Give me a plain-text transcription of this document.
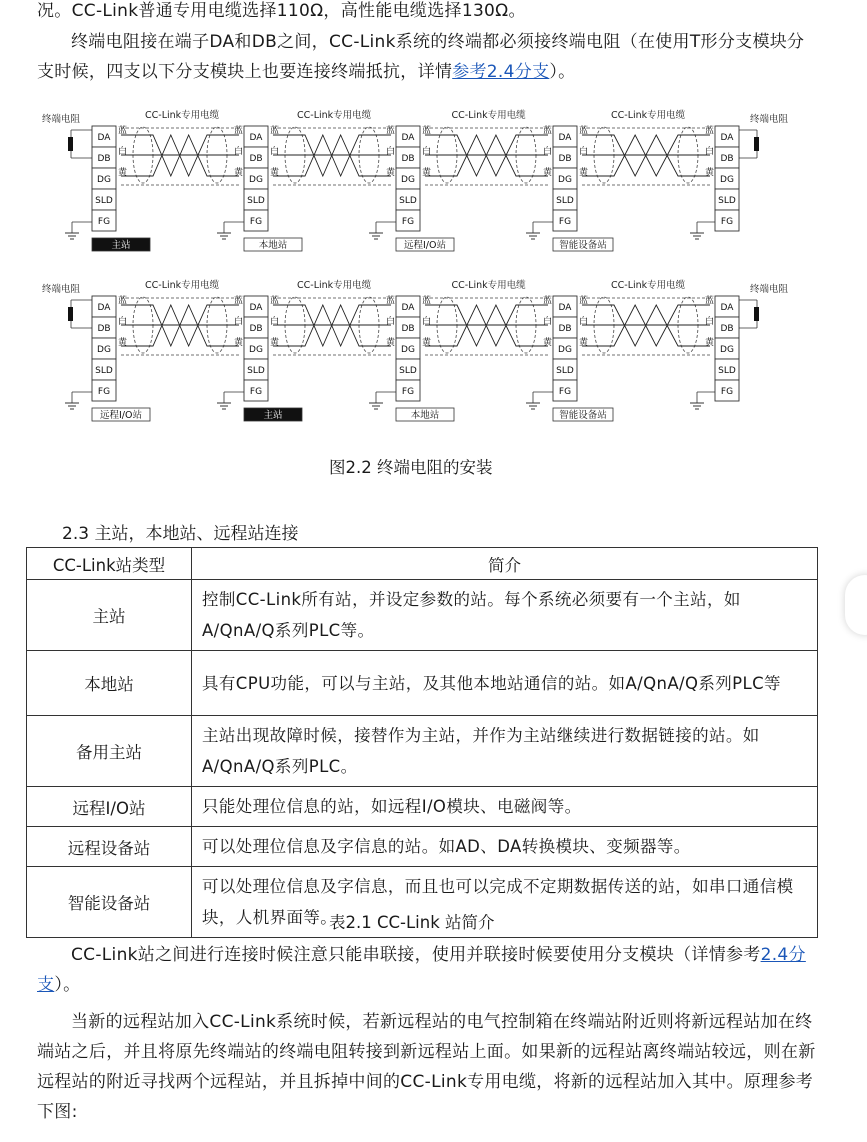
况。CC-Link普通专用电缆选择110Ω，高性能电缆选择130Ω。
终端电阻接在端子DA和DB之间，CC-Link系统的终端都必须接终端电阻（在使用T形分支模块分支时候，四支以下分支模块上也要连接终端抵抗，详情参考2.4分支）。
终端电阻	终端电阻
CC-Link专用电缆	CC-Link专用电缆	CC-Link专用电缆	CC-Link专用电缆
DA
DB
DG
SLD
FG
蓝
白
黄
主站
DA
DB
DG
SLD
FG
蓝	蓝
白	白
黄	黄
本地站
DA
DB
DG
SLD
FG
蓝	蓝
白	白
黄	黄
远程I/O站
DA
DB
DG
SLD
FG
蓝	蓝
白	白
黄	黄
智能设备站
DA
DB
DG
SLD
FG
蓝
白
黄
终端电阻	终端电阻
CC-Link专用电缆	CC-Link专用电缆	CC-Link专用电缆	CC-Link专用电缆
DA
DB
DG
SLD
FG
蓝
白
黄
远程I/O站
DA
DB
DG
SLD
FG
蓝	蓝
白	白
黄	黄
主站
DA
DB
DG
SLD
FG
蓝	蓝
白	白
黄	黄
本地站
DA
DB
DG
SLD
FG
蓝	蓝
白	白
黄	黄
智能设备站
DA
DB
DG
SLD
FG
蓝
白
黄
图2.2 终端电阻的安装
2.3 主站，本地站、远程站连接
CC-Link站类型	简介
主站	控制CC-Link所有站，并设定参数的站。每个系统必须要有一个主站，如A/QnA/Q系列PLC等。
本地站	具有CPU功能，可以与主站，及其他本地站通信的站。如A/QnA/Q系列PLC等
备用主站	主站出现故障时候，接替作为主站，并作为主站继续进行数据链接的站。如A/QnA/Q系列PLC。
远程I/O站	只能处理位信息的站，如远程I/O模块、电磁阀等。
远程设备站	可以处理位信息及字信息的站。如AD、DA转换模块、变频器等。
智能设备站	可以处理位信息及字信息，而且也可以完成不定期数据传送的站，如串口通信模块，人机界面等。
表2.1 CC-Link 站简介
CC-Link站之间进行连接时候注意只能串联接，使用并联接时候要使用分支模块（详情参考2.4分支）。
当新的远程站加入CC-Link系统时候，若新远程站的电气控制箱在终端站附近则将新远程站加在终端站之后，并且将原先终端站的终端电阻转接到新远程站上面。如果新的远程站离终端站较远，则在新远程站的附近寻找两个远程站，并且拆掉中间的CC-Link专用电缆，将新的远程站加入其中。原理参考下图:
